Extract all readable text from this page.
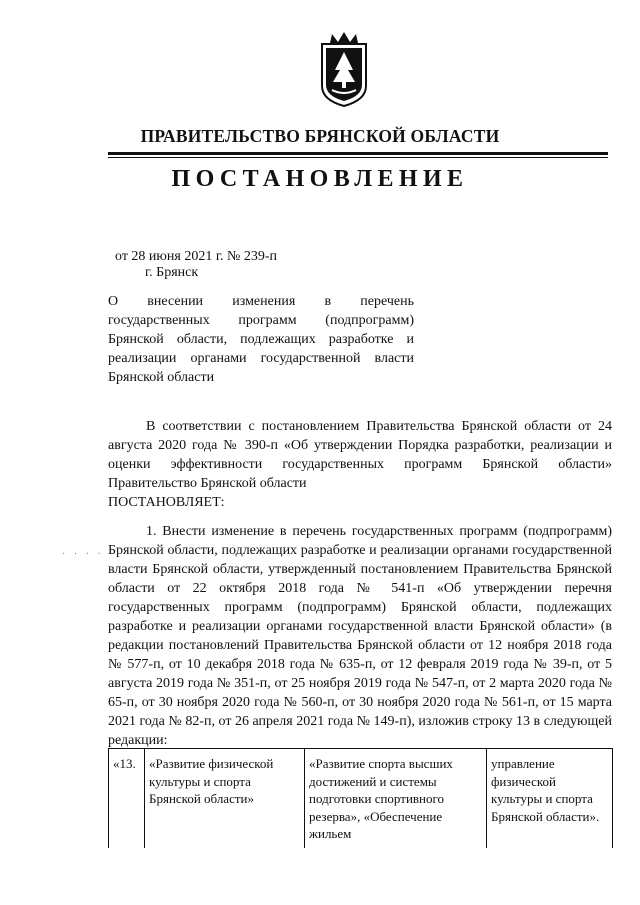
ПРАВИТЕЛЬСТВО БРЯНСКОЙ ОБЛАСТИ
ПОСТАНОВЛЕНИЕ
от 28 июня 2021 г. № 239-п
г. Брянск
О внесении изменения в перечень государственных программ (подпрограмм) Брянской области, подлежащих разработке и реализации органами государственной власти Брянской области
В соответствии с постановлением Правительства Брянской области от 24 августа 2020 года № 390-п «Об утверждении Порядка разработки, реализации и оценки эффективности государственных программ Брянской области» Правительство Брянской области
ПОСТАНОВЛЯЕТ:
1. Внести изменение в перечень государственных программ (подпрограмм) Брянской области, подлежащих разработке и реализации органами государственной власти Брянской области, утвержденный постановлением Правительства Брянской области от 22 октября 2018 года № 541-п «Об утверждении перечня государственных программ (подпрограмм) Брянской области, подлежащих разработке и реализации органами государственной власти Брянской области» (в редакции постановлений Правительства Брянской области от 12 ноября 2018 года № 577-п, от 10 декабря 2018 года № 635-п, от 12 февраля 2019 года № 39-п, от 5 августа 2019 года № 351-п, от 25 ноября 2019 года № 547-п, от 2 марта 2020 года № 65-п, от 30 ноября 2020 года № 560-п, от 30 ноября 2020 года № 561-п, от 15 марта 2021 года № 82-п, от 26 апреля 2021 года № 149-п), изложив строку 13 в следующей редакции:
· · · ·
«13.	«Развитие физической культуры и спорта Брянской области»	«Развитие спорта высших достижений и системы подготовки спортивного резерва», «Обеспечение жильем	управление физической культуры и спорта Брянской области».
